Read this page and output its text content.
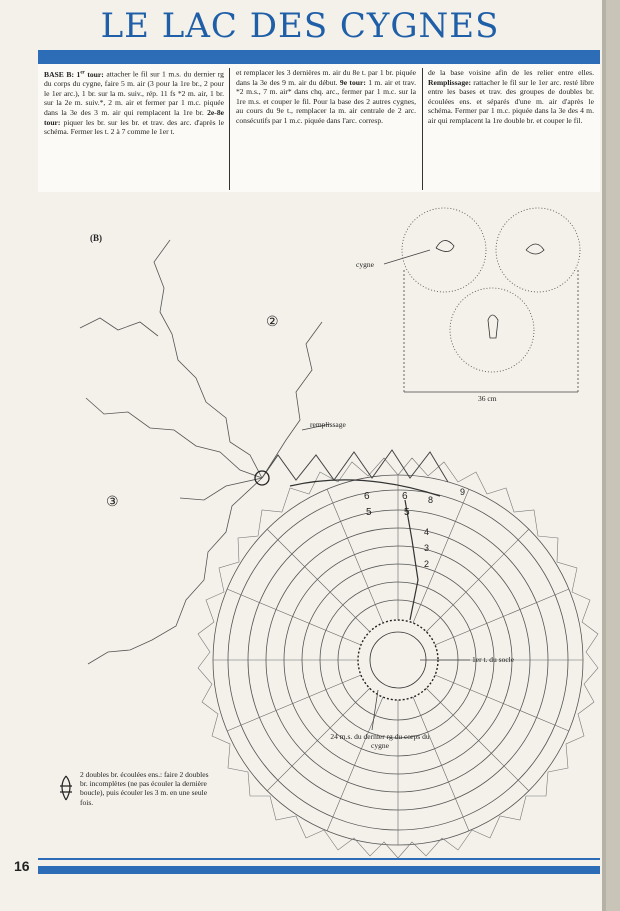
LE LAC DES CYGNES
BASE B: 1er tour: attacher le fil sur 1 m.s. du dernier rg du corps du cygne, faire 5 m. air (3 pour la 1re br., 2 pour le 1er arc.), 1 br. sur la m. suiv., rép. 11 fs *2 m. air, 1 br. sur la 2e m. suiv.*, 2 m. air et fermer par 1 m.c. piquée dans la 3e des 3 m. air qui remplacent la 1re br. 2e-8e tour: piquer les br. sur les br. et trav. des arc. d'après le schéma. Fermer les t. 2 à 7 comme le 1er t.
et remplacer les 3 dernières m. air du 8e t. par 1 br. piquée dans la 3e des 9 m. air du début. 9e tour: 1 m. air et trav. *2 m.s., 7 m. air* dans chq. arc., fermer par 1 m.c. sur la 1re m.s. et couper le fil. Pour la base des 2 autres cygnes, au cours du 9e t., remplacer la m. air centrale de 2 arc. consécutifs par 1 m.c. piquée dans l'arc. corresp.
de la base voisine afin de les relier entre elles. Remplissage: rattacher le fil sur le 1er arc. resté libre entre les bases et trav. des groupes de doubles br. écoulées ens. et séparés d'une m. air d'après le schéma. Fermer par 1 m.c. piquée dans la 3e des 4 m. air qui remplacent la 1re double br. et couper le fil.
(B)
②
③
remplissage
1er t. du socle
24 m.s. du dernier rg du corps du cygne
cygne
36 cm
6
5
4
3
2
6
5
8
9
2 doubles br. écoulées ens.: faire 2 doubles br. incomplètes (ne pas écouler la dernière boucle), puis écouler les 3 m. en une seule fois.
16
